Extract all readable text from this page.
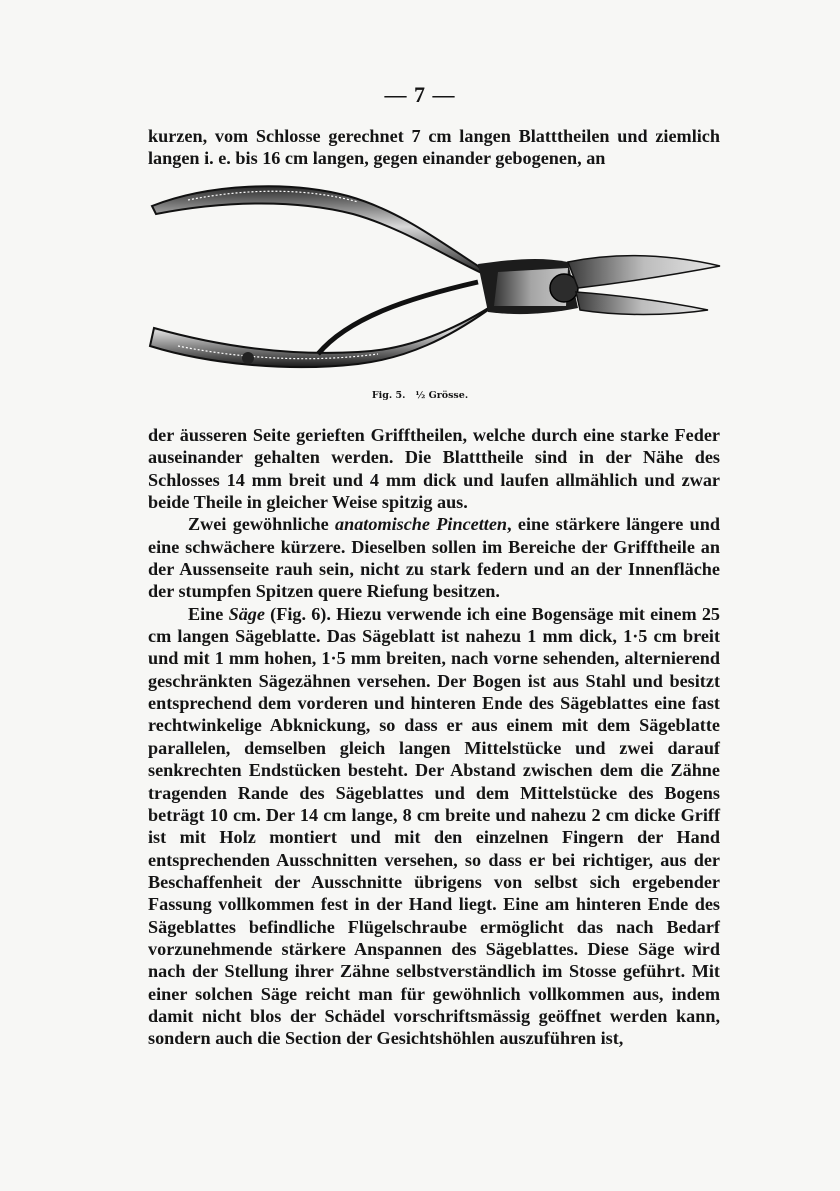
— 7 —

kurzen, vom Schlosse gerechnet 7 cm langen Blatttheilen und ziemlich langen i. e. bis 16 cm langen, gegen einander gebogenen, an

Fig. 5. ½ Grösse.

der äusseren Seite gerieften Grifftheilen, welche durch eine starke Feder auseinander gehalten werden. Die Blatttheile sind in der Nähe des Schlosses 14 mm breit und 4 mm dick und laufen allmählich und zwar beide Theile in gleicher Weise spitzig aus.

Zwei gewöhnliche anatomische Pincetten, eine stärkere längere und eine schwächere kürzere. Dieselben sollen im Bereiche der Grifftheile an der Aussenseite rauh sein, nicht zu stark federn und an der Innenfläche der stumpfen Spitzen quere Riefung besitzen.

Eine Säge (Fig. 6). Hiezu verwende ich eine Bogensäge mit einem 25 cm langen Sägeblatte. Das Sägeblatt ist nahezu 1 mm dick, 1·5 cm breit und mit 1 mm hohen, 1·5 mm breiten, nach vorne sehenden, alternierend geschränkten Sägezähnen versehen. Der Bogen ist aus Stahl und besitzt entsprechend dem vorderen und hinteren Ende des Sägeblattes eine fast rechtwinkelige Abknickung, so dass er aus einem mit dem Sägeblatte parallelen, demselben gleich langen Mittelstücke und zwei darauf senkrechten Endstücken besteht. Der Abstand zwischen dem die Zähne tragenden Rande des Sägeblattes und dem Mittelstücke des Bogens beträgt 10 cm. Der 14 cm lange, 8 cm breite und nahezu 2 cm dicke Griff ist mit Holz montiert und mit den einzelnen Fingern der Hand entsprechenden Ausschnitten versehen, so dass er bei richtiger, aus der Beschaffenheit der Ausschnitte übrigens von selbst sich ergebender Fassung vollkommen fest in der Hand liegt. Eine am hinteren Ende des Sägeblattes befindliche Flügelschraube ermöglicht das nach Bedarf vorzunehmende stärkere Anspannen des Sägeblattes. Diese Säge wird nach der Stellung ihrer Zähne selbstverständlich im Stosse geführt. Mit einer solchen Säge reicht man für gewöhnlich vollkommen aus, indem damit nicht blos der Schädel vorschriftsmässig geöffnet werden kann, sondern auch die Section der Gesichtshöhlen auszuführen ist,
